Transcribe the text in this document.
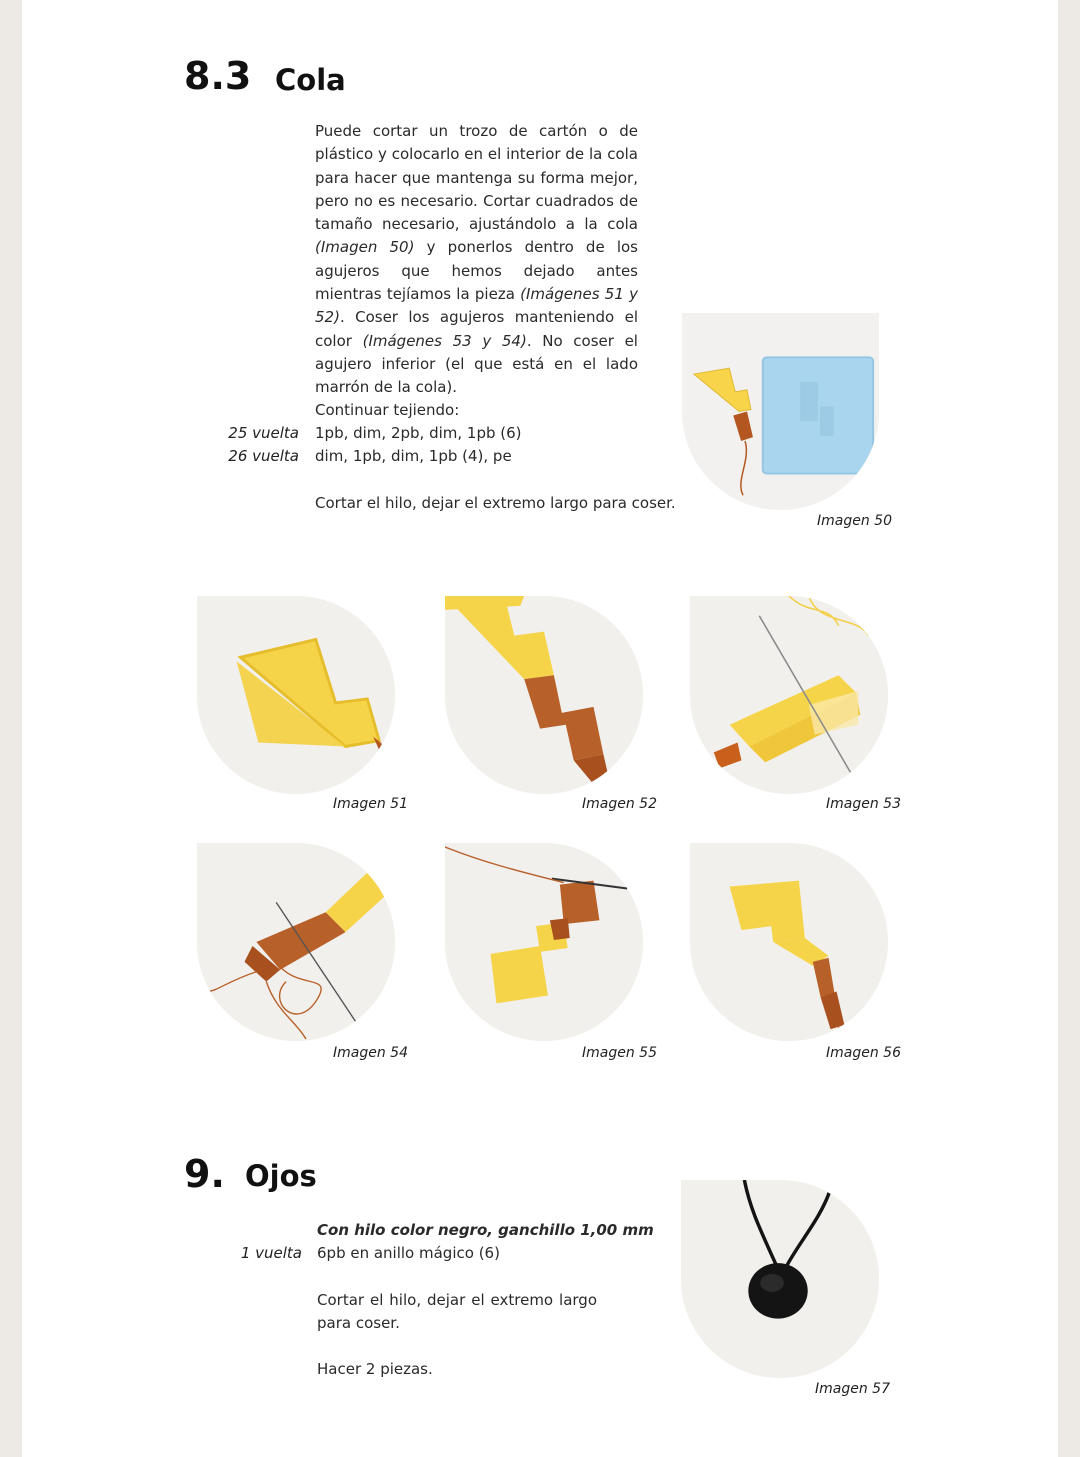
8.3 Cola

Puede cortar un trozo de cartón o de plástico y colocarlo en el interior de la cola para hacer que mantenga su forma mejor, pero no es necesario. Cortar cuadrados de tamaño necesario, ajustándolo a la cola (Imagen 50) y ponerlos dentro de los agujeros que hemos dejado antes mientras tejíamos la pieza (Imágenes 51 y 52). Coser los agujeros manteniendo el color (Imágenes 53 y 54). No coser el agujero inferior (el que está en el lado marrón de la cola).

Continuar tejiendo:
25 vuelta 1pb, dim, 2pb, dim, 1pb (6)
26 vuelta dim, 1pb, dim, 1pb (4), pe
Cortar el hilo, dejar el extremo largo para coser.
Imagen 50
Imagen 51	Imagen 52	Imagen 53
Imagen 54	Imagen 55	Imagen 56
9. Ojos
Con hilo color negro, ganchillo 1,00 mm
1 vuelta 6pb en anillo mágico (6)

Cortar el hilo, dejar el extremo largo para coser.

Hacer 2 piezas.
Imagen 57
